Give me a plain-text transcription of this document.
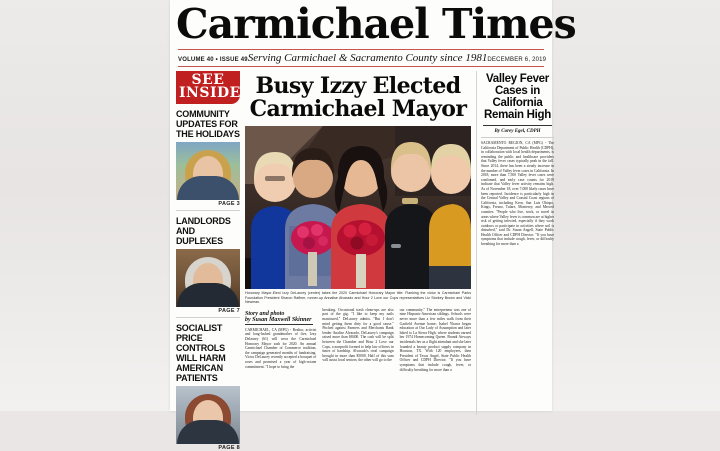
Carmichael Times
VOLUME 40 • ISSUE 49 Serving Carmichael & Sacramento County since 1981 DECEMBER 6, 2019
SEE
INSIDE
COMMUNITY UPDATES FOR THE HOLIDAYS
PAGE 3
LANDLORDS AND DUPLEXES
PAGE 7
SOCIALIST PRICE CONTROLS WILL HARM AMERICAN PATIENTS
PAGE 8
Busy Izzy Elected
Carmichael Mayor
Honorary Mayor-Elect Izzy DeLaurey (center) takes the 2020 Carmichael Honorary Mayor title. Flanking the victor is Carmichael Parks Foundation President Sharon Raffner, runner-up Annalise Alvarado and Hour 2 Love our Cops representatives Liz Storkey Brown and Vicki Newman.
Story and photo
by Susan Maxwell Skinner
CARMICHAEL, CA (MPG) - Realtor, activist and long-lashed grandmother of five, Izzy Delaurey (61) will wear the Carmichael Honorary Mayor sash for 2020. An annual Carmichael Chamber of Commerce tradition, the campaign generated months of fundraising. Victor DeLaurey recently accepted a bouquet of roses and promised a year of high-octane commitment. "I hope to bring the
breaking. Occasional trash clean-ups are also part of the gig. "I like to keep my nails manicured," DeLaurey admits. "But I don't mind getting them dirty for a good cause." Pitched against Farmers and Merchants Bank lender Analise Alvarado, DeLaurey's campaign raised more than $8400. The cash will be split between the Chamber and Hour 2 Love our Cops, a nonprofit formed to help law officers in times of hardship. Alvarado's rival campaign brought in more than $5000. Half of this sum will assist local seniors; the other will go to the
our community." The entrepreneur was one of nine Hispanic-American siblings. Schools were never more than a few miles walk from their Garfield Avenue home; Isabel Ybarra began education at Our Lady of Assumption and later hiked to La Sierra High, where students earned her 1974 Homecoming Queen. Brandt Airways incidentals her as a flight attendant and she later founded a beauty product supply company in Houston, TX. With 120 employees, then President of Texas Angel, State Public Health Officer and CDPH Director. "If you have symptoms that include cough, fever, or difficulty breathing for more than a
Valley Fever Cases in California Remain High
By Corey Egel, CDPH
SACRAMENTO REGION, CA (MPG) - The California Department of Public Health (CDPH), in collaboration with local health departments, is reminding the public and healthcare providers that Valley fever cases typically peak in the fall. Since 2014, there has been a steady increase in the number of Valley fever cases in California. In 2018, more than 7,500 Valley fever cases were confirmed, and early case counts for 2019 indicate that Valley fever activity remains high. As of November 18, over 7,000 likely cases have been reported. Incidence is particularly high in the Central Valley and Coastal Coast regions of California, including Kern, San Luis Obispo, Kings, Fresno, Tulare, Monterey, and Merced counties. "People who live, work, or travel in areas where Valley fever is common are at higher risk of getting infected, especially if they work outdoors or participate in activities where soil is disturbed," said Dr. Susan Angell, State Public Health Officer and CDPH Director. "If you have symptoms that include cough, fever, or difficulty breathing for more than a
